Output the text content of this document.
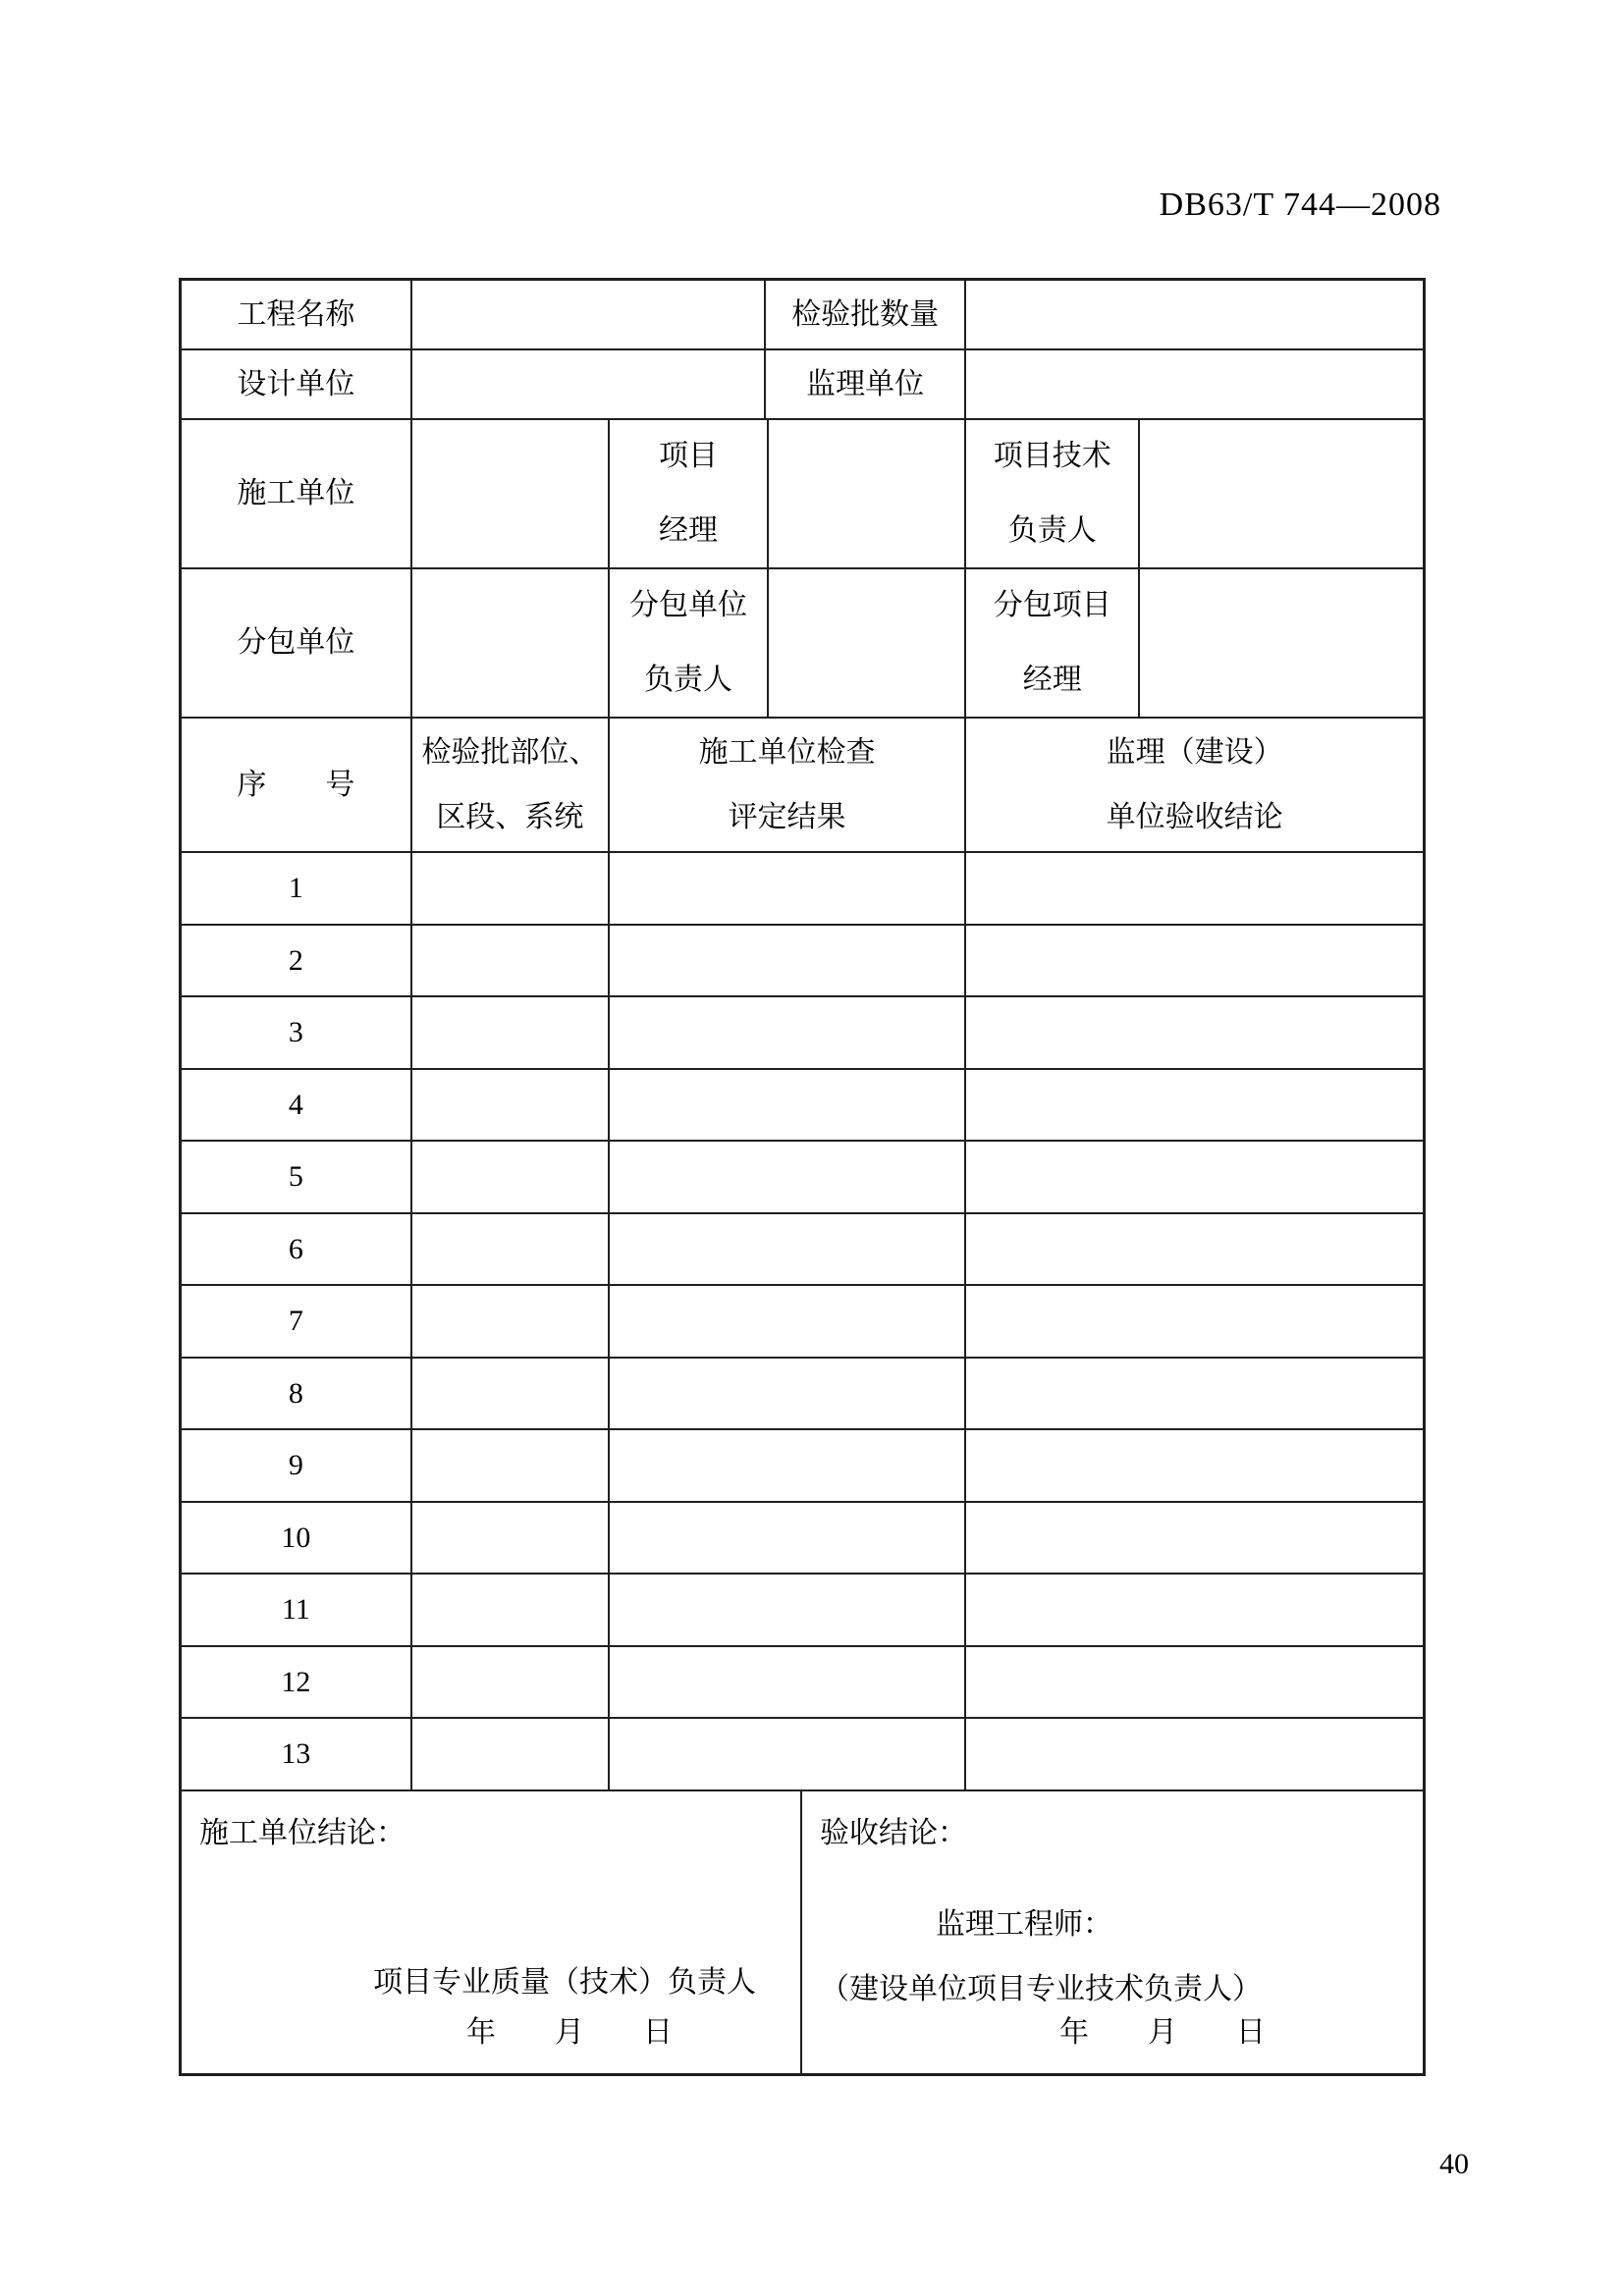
DB63/T 744—2008
工程名称	检验批数量
设计单位	监理单位
施工单位
项目
经理
项目技术
负责人
分包单位
分包单位
负责人
分包项目
经理
序　　号
检验批部位、
区段、系统
施工单位检查
评定结果
监理（建设）
单位验收结论
1
2
3
4
5
6
7
8
9
10
11
12
13
施工单位结论：
项目专业质量（技术）负责人
年　　月　　日
验收结论：
监理工程师：
（建设单位项目专业技术负责人）
年　　月　　日
40
